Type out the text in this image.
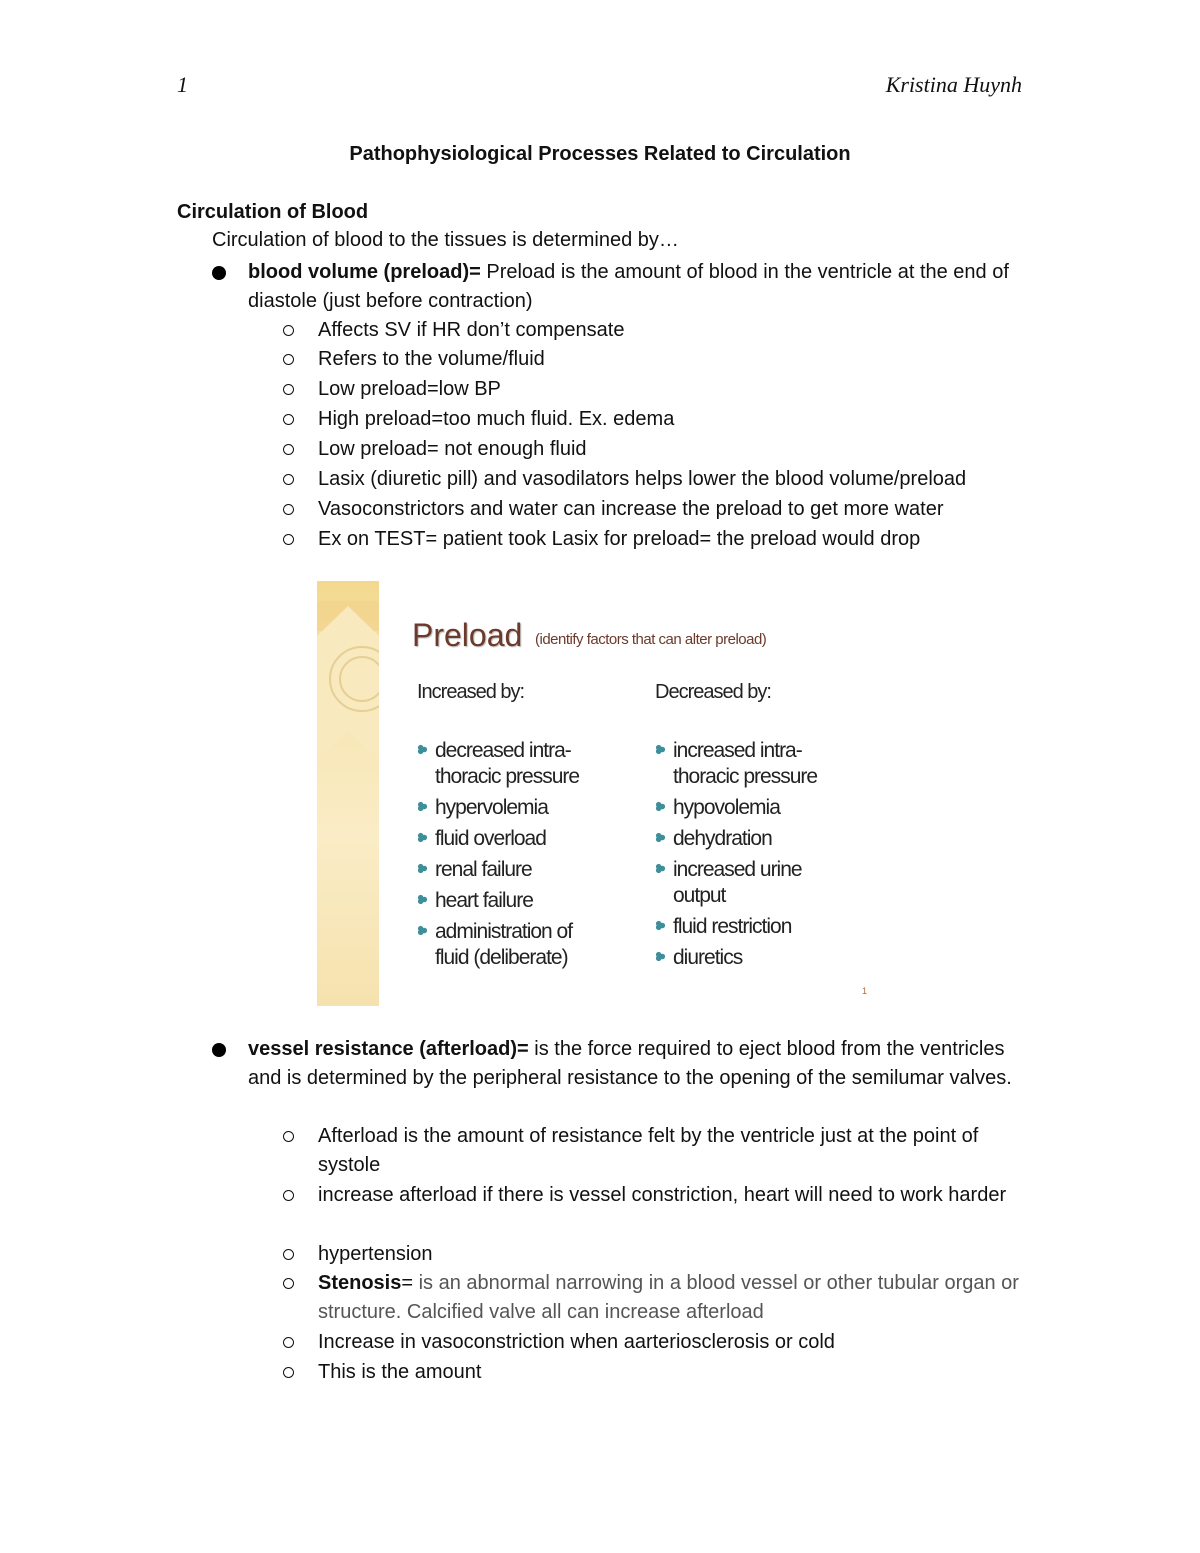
1	Kristina Huynh
Pathophysiological Processes Related to Circulation
Circulation of Blood
Circulation of blood to the tissues is determined by…
blood volume (preload)= Preload is the amount of blood in the ventricle at the end of diastole (just before contraction)
Affects SV if HR don’t compensate
Refers to the volume/fluid
Low preload=low BP
High preload=too much fluid. Ex. edema
Low preload= not enough fluid
Lasix (diuretic pill) and vasodilators helps lower the blood volume/preload
Vasoconstrictors and water can increase the preload to get more water
Ex on TEST= patient took Lasix for preload= the preload would drop
Preload (identify factors that can alter preload)
Increased by:	Decreased by:
decreased intra-thoracic pressure
hypervolemia
fluid overload
renal failure
heart failure
administration of fluid (deliberate)
increased intra-thoracic pressure
hypovolemia
dehydration
increased urine output
fluid restriction
diuretics
1
vessel resistance (afterload)= is the force required to eject blood from the ventricles and is determined by the peripheral resistance to the opening of the semilumar valves.
Afterload is the amount of resistance felt by the ventricle just at the point of systole
increase afterload if there is vessel constriction, heart will need to work harder
hypertension
Stenosis= is an abnormal narrowing in a blood vessel or other tubular organ or structure. Calcified valve all can increase afterload
Increase in vasoconstriction when aarteriosclerosis or cold
This is the amount
